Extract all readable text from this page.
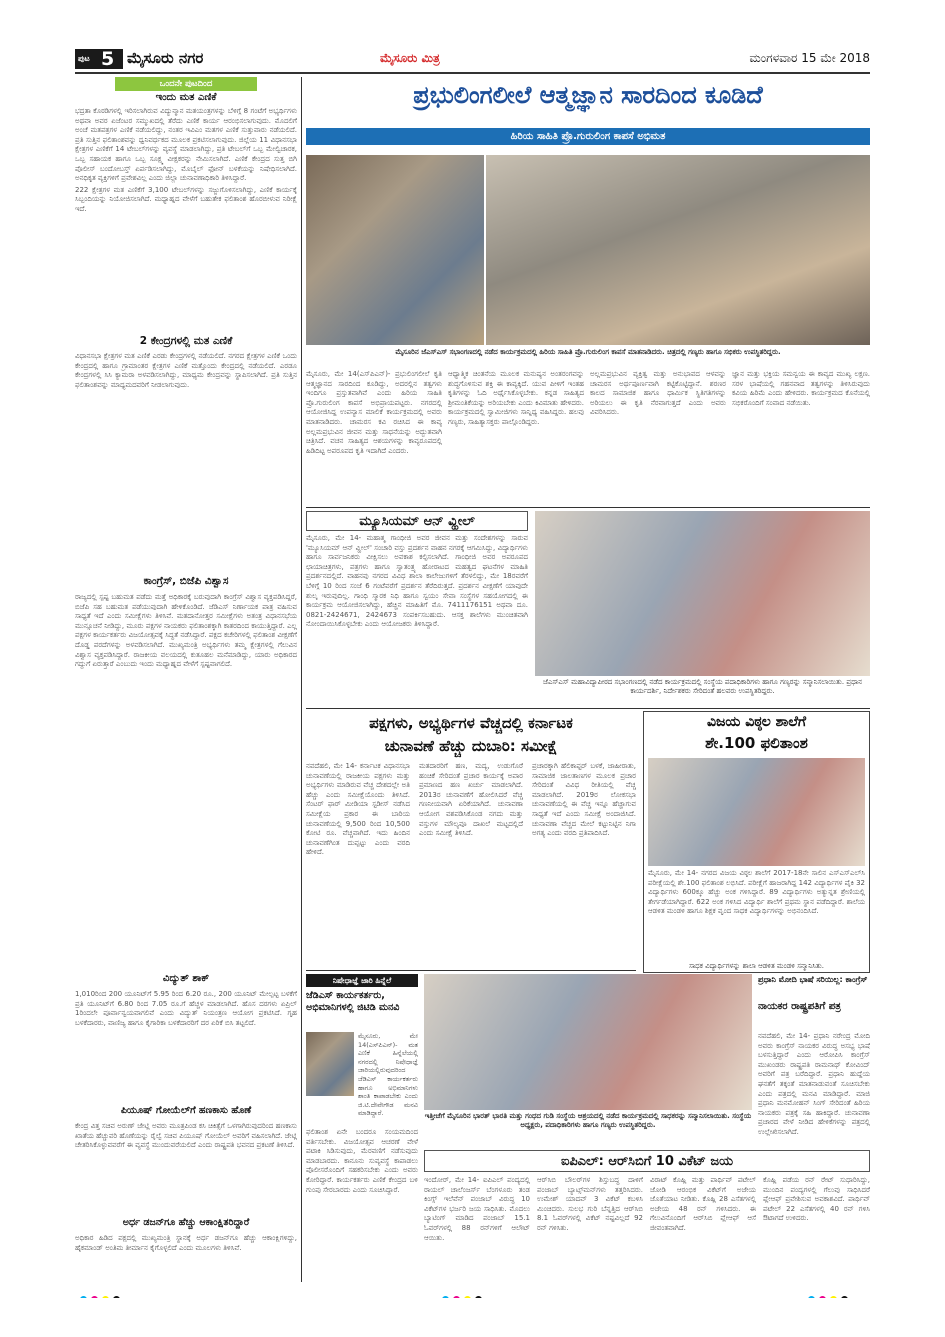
ಪುಟ 5 ಮೈಸೂರು ನಗರ	ಮೈಸೂರು ಮಿತ್ರ	ಮಂಗಳವಾರ 15 ಮೇ 2018
ಒಂದನೇ ಪುಟದಿಂದ
ಇಂದು ಮತ ಎಣಿಕೆ

ಭದ್ರತಾ ಕೊಠಡಿಗಳಲ್ಲಿ ಇರಿಸಲಾಗಿರುವ ವಿದ್ಯುನ್ಮಾನ ಮತಯಂತ್ರಗಳನ್ನು ಬೆಳಿಗ್ಗೆ 8 ಗಂಟೆಗೆ ಅಭ್ಯರ್ಥಿಗಳು ಅಥವಾ ಅವರ ಏಜೆಂಟರ ಸಮ್ಮುಖದಲ್ಲಿ ತೆರೆದು ಎಣಿಕೆ ಕಾರ್ಯ ಆರಂಭಿಸಲಾಗುವುದು. ಮೊದಲಿಗೆ ಅಂಚೆ ಮತಪತ್ರಗಳ ಎಣಿಕೆ ನಡೆಯಲಿದ್ದು, ನಂತರ ಇವಿಎಂ ಮತಗಳ ಎಣಿಕೆ ಸುತ್ತುವಾರು ನಡೆಯಲಿದೆ. ಪ್ರತಿ ಸುತ್ತಿನ ಫಲಿತಾಂಶವನ್ನು ಧ್ವನಿವರ್ಧಕದ ಮೂಲಕ ಪ್ರಕಟಿಸಲಾಗುವುದು. ಜಿಲ್ಲೆಯ 11 ವಿಧಾನಸಭಾ ಕ್ಷೇತ್ರಗಳ ಎಣಿಕೆಗೆ 14 ಟೇಬಲ್‌ಗಳನ್ನು ವ್ಯವಸ್ಥೆ ಮಾಡಲಾಗಿದ್ದು, ಪ್ರತಿ ಟೇಬಲ್‌ಗೆ ಒಬ್ಬ ಮೇಲ್ವಿಚಾರಕ, ಒಬ್ಬ ಸಹಾಯಕ ಹಾಗೂ ಒಬ್ಬ ಸೂಕ್ಷ್ಮ ವೀಕ್ಷಕರನ್ನು ನೇಮಿಸಲಾಗಿದೆ. ಎಣಿಕೆ ಕೇಂದ್ರದ ಸುತ್ತ ಬಿಗಿ ಪೊಲೀಸ್ ಬಂದೋಬಸ್ತ್ ಏರ್ಪಡಿಸಲಾಗಿದ್ದು, ಮೊಬೈಲ್ ಫೋನ್ ಬಳಕೆಯನ್ನು ನಿಷೇಧಿಸಲಾಗಿದೆ. ಅನಧಿಕೃತ ವ್ಯಕ್ತಿಗಳಿಗೆ ಪ್ರವೇಶವಿಲ್ಲ ಎಂದು ಜಿಲ್ಲಾ ಚುನಾವಣಾಧಿಕಾರಿ ತಿಳಿಸಿದ್ದಾರೆ.

222 ಕ್ಷೇತ್ರಗಳ ಮತ ಎಣಿಕೆಗೆ 3,100 ಟೇಬಲ್‌ಗಳನ್ನು ಸಜ್ಜುಗೊಳಿಸಲಾಗಿದ್ದು, ಎಣಿಕೆ ಕಾರ್ಯಕ್ಕೆ ಸಿಬ್ಬಂದಿಯನ್ನು ನಿಯೋಜಿಸಲಾಗಿದೆ. ಮಧ್ಯಾಹ್ನದ ವೇಳೆಗೆ ಬಹುತೇಕ ಫಲಿತಾಂಶ ಹೊರಬೀಳುವ ನಿರೀಕ್ಷೆ ಇದೆ.

2 ಕೇಂದ್ರಗಳಲ್ಲಿ ಮತ ಎಣಿಕೆ
ವಿಧಾನಸಭಾ ಕ್ಷೇತ್ರಗಳ ಮತ ಎಣಿಕೆ ಎರಡು ಕೇಂದ್ರಗಳಲ್ಲಿ ನಡೆಯಲಿದೆ. ನಗರದ ಕ್ಷೇತ್ರಗಳ ಎಣಿಕೆ ಒಂದು ಕೇಂದ್ರದಲ್ಲಿ ಹಾಗೂ ಗ್ರಾಮಾಂತರ ಕ್ಷೇತ್ರಗಳ ಎಣಿಕೆ ಮತ್ತೊಂದು ಕೇಂದ್ರದಲ್ಲಿ ನಡೆಯಲಿದೆ. ಎರಡೂ ಕೇಂದ್ರಗಳಲ್ಲಿ ಸಿಸಿ ಕ್ಯಾಮರಾ ಅಳವಡಿಸಲಾಗಿದ್ದು, ಮಾಧ್ಯಮ ಕೇಂದ್ರವನ್ನು ಸ್ಥಾಪಿಸಲಾಗಿದೆ. ಪ್ರತಿ ಸುತ್ತಿನ ಫಲಿತಾಂಶವನ್ನು ಮಾಧ್ಯಮದವರಿಗೆ ನೀಡಲಾಗುವುದು.
ಕಾಂಗ್ರೆಸ್, ಬಿಜೆಪಿ ವಿಶ್ವಾಸ
ರಾಜ್ಯದಲ್ಲಿ ಸ್ಪಷ್ಟ ಬಹುಮತ ಪಡೆದು ಮತ್ತೆ ಅಧಿಕಾರಕ್ಕೆ ಬರುವುದಾಗಿ ಕಾಂಗ್ರೆಸ್ ವಿಶ್ವಾಸ ವ್ಯಕ್ತಪಡಿಸಿದ್ದರೆ, ಬಿಜೆಪಿ ಸಹ ಬಹುಮತ ಪಡೆಯುವುದಾಗಿ ಹೇಳಿಕೊಂಡಿದೆ. ಜೆಡಿಎಸ್ ನಿರ್ಣಾಯಕ ಪಾತ್ರ ವಹಿಸುವ ಸಾಧ್ಯತೆ ಇದೆ ಎಂದು ಸಮೀಕ್ಷೆಗಳು ತಿಳಿಸಿವೆ. ಮತದಾನೋತ್ತರ ಸಮೀಕ್ಷೆಗಳು ಅತಂತ್ರ ವಿಧಾನಸಭೆಯ ಮುನ್ಸೂಚನೆ ನೀಡಿದ್ದು, ಮೂರು ಪಕ್ಷಗಳ ನಾಯಕರು ಫಲಿತಾಂಶಕ್ಕಾಗಿ ಕಾತರದಿಂದ ಕಾಯುತ್ತಿದ್ದಾರೆ. ಎಲ್ಲ ಪಕ್ಷಗಳ ಕಾರ್ಯಕರ್ತರು ವಿಜಯೋತ್ಸವಕ್ಕೆ ಸಿದ್ಧತೆ ನಡೆಸಿದ್ದಾರೆ. ಪಕ್ಷದ ಕಚೇರಿಗಳಲ್ಲಿ ಫಲಿತಾಂಶ ವೀಕ್ಷಣೆಗೆ ದೊಡ್ಡ ಪರದೆಗಳನ್ನು ಅಳವಡಿಸಲಾಗಿದೆ. ಮುಖ್ಯಮಂತ್ರಿ ಅಭ್ಯರ್ಥಿಗಳು ತಮ್ಮ ಕ್ಷೇತ್ರಗಳಲ್ಲಿ ಗೆಲುವಿನ ವಿಶ್ವಾಸ ವ್ಯಕ್ತಪಡಿಸಿದ್ದಾರೆ. ರಾಜಕೀಯ ವಲಯದಲ್ಲಿ ಕುತೂಹಲ ಮನೆಮಾಡಿದ್ದು, ಯಾರು ಅಧಿಕಾರದ ಗದ್ದುಗೆ ಏರುತ್ತಾರೆ ಎಂಬುದು ಇಂದು ಮಧ್ಯಾಹ್ನದ ವೇಳೆಗೆ ಸ್ಪಷ್ಟವಾಗಲಿದೆ.
ವಿದ್ಯುತ್ ಶಾಕ್
1,010ರಿಂದ 200 ಯೂನಿಟ್‌ಗೆ 5.95 ರಿಂದ 6.20 ರೂ., 200 ಯೂನಿಟ್ ಮೇಲ್ಪಟ್ಟ ಬಳಕೆಗೆ ಪ್ರತಿ ಯೂನಿಟ್‌ಗೆ 6.80 ರಿಂದ 7.05 ರೂ.ಗೆ ಹೆಚ್ಚಳ ಮಾಡಲಾಗಿದೆ. ಹೊಸ ದರಗಳು ಏಪ್ರಿಲ್ 1ರಿಂದಲೇ ಪೂರ್ವಾನ್ವಯವಾಗಲಿವೆ ಎಂದು ವಿದ್ಯುತ್ ನಿಯಂತ್ರಣ ಆಯೋಗ ಪ್ರಕಟಿಸಿದೆ. ಗೃಹ ಬಳಕೆದಾರರು, ವಾಣಿಜ್ಯ ಹಾಗೂ ಕೈಗಾರಿಕಾ ಬಳಕೆದಾರರಿಗೆ ದರ ಏರಿಕೆ ಬಿಸಿ ತಟ್ಟಲಿದೆ.
ಪಿಯೂಷ್ ಗೋಯೆಲ್‌ಗೆ ಹಣಕಾಸು ಹೊಣೆ
ಕೇಂದ್ರ ವಿತ್ತ ಸಚಿವ ಅರುಣ್ ಜೇಟ್ಲಿ ಅವರು ಮೂತ್ರಪಿಂಡ ಕಸಿ ಚಿಕಿತ್ಸೆಗೆ ಒಳಗಾಗಿರುವುದರಿಂದ ಹಣಕಾಸು ಖಾತೆಯ ಹೆಚ್ಚುವರಿ ಹೊಣೆಯನ್ನು ರೈಲ್ವೆ ಸಚಿವ ಪಿಯೂಷ್ ಗೋಯೆಲ್ ಅವರಿಗೆ ವಹಿಸಲಾಗಿದೆ. ಜೇಟ್ಲಿ ಚೇತರಿಸಿಕೊಳ್ಳುವವರೆಗೆ ಈ ವ್ಯವಸ್ಥೆ ಮುಂದುವರೆಯಲಿದೆ ಎಂದು ರಾಷ್ಟ್ರಪತಿ ಭವನದ ಪ್ರಕಟಣೆ ತಿಳಿಸಿದೆ.
ಅರ್ಧ ಡಜನ್‌ಗೂ ಹೆಚ್ಚು ಆಕಾಂಕ್ಷಿತರಿದ್ದಾರೆ
ಅಧಿಕಾರ ಹಿಡಿದ ಪಕ್ಷದಲ್ಲಿ ಮುಖ್ಯಮಂತ್ರಿ ಸ್ಥಾನಕ್ಕೆ ಅರ್ಧ ಡಜನ್‌ಗೂ ಹೆಚ್ಚು ಆಕಾಂಕ್ಷಿಗಳಿದ್ದು, ಹೈಕಮಾಂಡ್ ಅಂತಿಮ ತೀರ್ಮಾನ ಕೈಗೊಳ್ಳಲಿದೆ ಎಂದು ಮೂಲಗಳು ತಿಳಿಸಿವೆ.
ಪ್ರಭುಲಿಂಗಲೀಲೆ ಆತ್ಮಜ್ಞಾನ ಸಾರದಿಂದ ಕೂಡಿದೆ
ಹಿರಿಯ ಸಾಹಿತಿ ಪ್ರೊ.ಗುರುಲಿಂಗ ಕಾಪಸೆ ಅಭಿಮತ
ಮೈಸೂರಿನ ಜೆಎಸ್‌ಎಸ್ ಸಭಾಂಗಣದಲ್ಲಿ ನಡೆದ ಕಾರ್ಯಕ್ರಮದಲ್ಲಿ ಹಿರಿಯ ಸಾಹಿತಿ ಪ್ರೊ.ಗುರುಲಿಂಗ ಕಾಪಸೆ ಮಾತನಾಡಿದರು. ಚಿತ್ರದಲ್ಲಿ ಗಣ್ಯರು ಹಾಗೂ ಸಭಿಕರು ಉಪಸ್ಥಿತರಿದ್ದರು.
ಮೈಸೂರು, ಮೇ 14(ಎಸ್‌ಪಿಎನ್)- ಪ್ರಭುಲಿಂಗಲೀಲೆ ಕೃತಿ ಆತ್ಮಜ್ಞಾನದ ಸಾರದಿಂದ ಕೂಡಿದ್ದು, ಅದರಲ್ಲಿನ ತತ್ವಗಳು ಇಂದಿಗೂ ಪ್ರಸ್ತುತವಾಗಿವೆ ಎಂದು ಹಿರಿಯ ಸಾಹಿತಿ ಪ್ರೊ.ಗುರುಲಿಂಗ ಕಾಪಸೆ ಅಭಿಪ್ರಾಯಪಟ್ಟರು. ನಗರದಲ್ಲಿ ಆಯೋಜಿಸಿದ್ದ ಉಪನ್ಯಾಸ ಮಾಲಿಕೆ ಕಾರ್ಯಕ್ರಮದಲ್ಲಿ ಅವರು ಮಾತನಾಡಿದರು. ಚಾಮರಸ ಕವಿ ರಚಿಸಿದ ಈ ಕಾವ್ಯ ಅಲ್ಲಮಪ್ರಭುವಿನ ಜೀವನ ಮತ್ತು ಸಾಧನೆಯನ್ನು ಅದ್ಭುತವಾಗಿ ಚಿತ್ರಿಸಿದೆ. ವಚನ ಸಾಹಿತ್ಯದ ಆಶಯಗಳನ್ನು ಕಾವ್ಯರೂಪದಲ್ಲಿ ಹಿಡಿದಿಟ್ಟ ಅಪರೂಪದ ಕೃತಿ ಇದಾಗಿದೆ ಎಂದರು.
ಆಧ್ಯಾತ್ಮಿಕ ಚಿಂತನೆಯ ಮೂಲಕ ಮನುಷ್ಯನ ಅಂತರಂಗವನ್ನು ಶುದ್ಧಗೊಳಿಸುವ ಶಕ್ತಿ ಈ ಕಾವ್ಯಕ್ಕಿದೆ. ಯುವ ಪೀಳಿಗೆ ಇಂತಹ ಕೃತಿಗಳನ್ನು ಓದಿ ಅರ್ಥೈಸಿಕೊಳ್ಳಬೇಕು. ಕನ್ನಡ ಸಾಹಿತ್ಯದ ಶ್ರೀಮಂತಿಕೆಯನ್ನು ಅರಿಯಬೇಕು ಎಂದು ಕಿವಿಮಾತು ಹೇಳಿದರು. ಕಾರ್ಯಕ್ರಮದಲ್ಲಿ ಸ್ವಾಮೀಜಿಗಳು ಸಾನ್ನಿಧ್ಯ ವಹಿಸಿದ್ದರು. ಹಲವು ಗಣ್ಯರು, ಸಾಹಿತ್ಯಾಸಕ್ತರು ಪಾಲ್ಗೊಂಡಿದ್ದರು.
ಅಲ್ಲಮಪ್ರಭುವಿನ ವ್ಯಕ್ತಿತ್ವ ಮತ್ತು ಅನುಭಾವದ ಆಳವನ್ನು ಚಾಮರಸ ಅರ್ಥಪೂರ್ಣವಾಗಿ ಕಟ್ಟಿಕೊಟ್ಟಿದ್ದಾನೆ. ಶರಣರ ಕಾಲದ ಸಾಮಾಜಿಕ ಹಾಗೂ ಧಾರ್ಮಿಕ ಸ್ಥಿತಿಗತಿಗಳನ್ನು ಅರಿಯಲು ಈ ಕೃತಿ ನೆರವಾಗುತ್ತದೆ ಎಂದು ಅವರು ವಿವರಿಸಿದರು.
ಜ್ಞಾನ ಮತ್ತು ಭಕ್ತಿಯ ಸಮನ್ವಯ ಈ ಕಾವ್ಯದ ಮುಖ್ಯ ಲಕ್ಷಣ. ಸರಳ ಭಾಷೆಯಲ್ಲಿ ಗಹನವಾದ ತತ್ವಗಳನ್ನು ತಿಳಿಸಿರುವುದು ಕವಿಯ ಹಿರಿಮೆ ಎಂದು ಹೇಳಿದರು. ಕಾರ್ಯಕ್ರಮದ ಕೊನೆಯಲ್ಲಿ ಸಭಿಕರೊಂದಿಗೆ ಸಂವಾದ ನಡೆಯಿತು.
ಮ್ಯೂಸಿಯಮ್ ಆನ್ ವ್ಹೀಲ್
ಮೈಸೂರು, ಮೇ 14- ಮಹಾತ್ಮ ಗಾಂಧೀಜಿ ಅವರ ಜೀವನ ಮತ್ತು ಸಂದೇಶಗಳನ್ನು ಸಾರುವ 'ಮ್ಯೂಸಿಯಮ್ ಆನ್ ವ್ಹೀಲ್' ಸಂಚಾರಿ ವಸ್ತು ಪ್ರದರ್ಶನ ವಾಹನ ನಗರಕ್ಕೆ ಆಗಮಿಸಿದ್ದು, ವಿದ್ಯಾರ್ಥಿಗಳು ಹಾಗೂ ಸಾರ್ವಜನಿಕರು ವೀಕ್ಷಿಸಲು ಅವಕಾಶ ಕಲ್ಪಿಸಲಾಗಿದೆ. ಗಾಂಧೀಜಿ ಅವರ ಅಪರೂಪದ ಛಾಯಾಚಿತ್ರಗಳು, ಪತ್ರಗಳು ಹಾಗೂ ಸ್ವಾತಂತ್ರ್ಯ ಹೋರಾಟದ ಮಹತ್ವದ ಘಟನೆಗಳ ಮಾಹಿತಿ ಪ್ರದರ್ಶನದಲ್ಲಿದೆ. ವಾಹನವು ನಗರದ ವಿವಿಧ ಶಾಲಾ ಕಾಲೇಜುಗಳಿಗೆ ತೆರಳಲಿದ್ದು, ಮೇ 18ರವರೆಗೆ ಬೆಳಿಗ್ಗೆ 10 ರಿಂದ ಸಂಜೆ 6 ಗಂಟೆವರೆಗೆ ಪ್ರದರ್ಶನ ತೆರೆದಿರುತ್ತದೆ. ಪ್ರದರ್ಶನ ವೀಕ್ಷಣೆಗೆ ಯಾವುದೇ ಶುಲ್ಕ ಇರುವುದಿಲ್ಲ. ಗಾಂಧಿ ಸ್ಮಾರಕ ನಿಧಿ ಹಾಗೂ ಸ್ವಯಂ ಸೇವಾ ಸಂಸ್ಥೆಗಳ ಸಹಯೋಗದಲ್ಲಿ ಈ ಕಾರ್ಯಕ್ರಮ ಆಯೋಜಿಸಲಾಗಿದ್ದು, ಹೆಚ್ಚಿನ ಮಾಹಿತಿಗೆ ಮೊ. 7411176151 ಅಥವಾ ದೂ. 0821-2424671, 2424673 ಸಂಪರ್ಕಿಸಬಹುದು. ಆಸಕ್ತ ಶಾಲೆಗಳು ಮುಂಚಿತವಾಗಿ ನೋಂದಾಯಿಸಿಕೊಳ್ಳಬೇಕು ಎಂದು ಆಯೋಜಕರು ತಿಳಿಸಿದ್ದಾರೆ.
ಜೆಎಸ್‌ಎಸ್ ಮಹಾವಿದ್ಯಾಪೀಠದ ಸಭಾಂಗಣದಲ್ಲಿ ನಡೆದ ಕಾರ್ಯಕ್ರಮದಲ್ಲಿ ಸಂಸ್ಥೆಯ ಪದಾಧಿಕಾರಿಗಳು ಹಾಗೂ ಗಣ್ಯರನ್ನು ಸನ್ಮಾನಿಸಲಾಯಿತು. ಪ್ರಧಾನ ಕಾರ್ಯದರ್ಶಿ, ನಿರ್ದೇಶಕರು ಸೇರಿದಂತೆ ಹಲವರು ಉಪಸ್ಥಿತರಿದ್ದರು.
ಪಕ್ಷಗಳು, ಅಭ್ಯರ್ಥಿಗಳ ವೆಚ್ಚದಲ್ಲಿ ಕರ್ನಾಟಕ
ಚುನಾವಣೆ ಹೆಚ್ಚು ದುಬಾರಿ: ಸಮೀಕ್ಷೆ
ನವದೆಹಲಿ, ಮೇ 14- ಕರ್ನಾಟಕ ವಿಧಾನಸಭಾ ಚುನಾವಣೆಯಲ್ಲಿ ರಾಜಕೀಯ ಪಕ್ಷಗಳು ಮತ್ತು ಅಭ್ಯರ್ಥಿಗಳು ಮಾಡಿರುವ ವೆಚ್ಚ ದೇಶದಲ್ಲೇ ಅತಿ ಹೆಚ್ಚು ಎಂದು ಸಮೀಕ್ಷೆಯೊಂದು ತಿಳಿಸಿದೆ. ಸೆಂಟರ್ ಫಾರ್ ಮೀಡಿಯಾ ಸ್ಟಡೀಸ್ ನಡೆಸಿದ ಸಮೀಕ್ಷೆಯ ಪ್ರಕಾರ ಈ ಬಾರಿಯ ಚುನಾವಣೆಯಲ್ಲಿ 9,500 ರಿಂದ 10,500 ಕೋಟಿ ರೂ. ವೆಚ್ಚವಾಗಿದೆ. ಇದು ಹಿಂದಿನ ಚುನಾವಣೆಗಿಂತ ದುಪ್ಪಟ್ಟು ಎಂದು ವರದಿ ಹೇಳಿದೆ.
ಮತದಾರರಿಗೆ ಹಣ, ಮದ್ಯ, ಉಡುಗೊರೆ ಹಂಚಿಕೆ ಸೇರಿದಂತೆ ಪ್ರಚಾರ ಕಾರ್ಯಕ್ಕೆ ಅಪಾರ ಪ್ರಮಾಣದ ಹಣ ಖರ್ಚು ಮಾಡಲಾಗಿದೆ. 2013ರ ಚುನಾವಣೆಗೆ ಹೋಲಿಸಿದರೆ ವೆಚ್ಚ ಗಣನೀಯವಾಗಿ ಏರಿಕೆಯಾಗಿದೆ. ಚುನಾವಣಾ ಆಯೋಗ ವಶಪಡಿಸಿಕೊಂಡ ನಗದು ಮತ್ತು ವಸ್ತುಗಳ ಮೌಲ್ಯವೂ ದಾಖಲೆ ಮಟ್ಟದಲ್ಲಿದೆ ಎಂದು ಸಮೀಕ್ಷೆ ತಿಳಿಸಿದೆ.
ಪ್ರಚಾರಕ್ಕಾಗಿ ಹೆಲಿಕಾಪ್ಟರ್ ಬಳಕೆ, ಜಾಹೀರಾತು, ಸಾಮಾಜಿಕ ಜಾಲತಾಣಗಳ ಮೂಲಕ ಪ್ರಚಾರ ಸೇರಿದಂತೆ ವಿವಿಧ ರೀತಿಯಲ್ಲಿ ವೆಚ್ಚ ಮಾಡಲಾಗಿದೆ. 2019ರ ಲೋಕಸಭಾ ಚುನಾವಣೆಯಲ್ಲಿ ಈ ವೆಚ್ಚ ಇನ್ನೂ ಹೆಚ್ಚಾಗುವ ಸಾಧ್ಯತೆ ಇದೆ ಎಂದು ಸಮೀಕ್ಷೆ ಅಂದಾಜಿಸಿದೆ. ಚುನಾವಣಾ ವೆಚ್ಚದ ಮೇಲೆ ಕಟ್ಟುನಿಟ್ಟಿನ ನಿಗಾ ಅಗತ್ಯ ಎಂದು ವರದಿ ಪ್ರತಿಪಾದಿಸಿದೆ.
ವಿಜಯ ವಿಠ್ಠಲ ಶಾಲೆಗೆ
ಶೇ.100 ಫಲಿತಾಂಶ
ಮೈಸೂರು, ಮೇ 14- ನಗರದ ವಿಜಯ ವಿಠ್ಠಲ ಶಾಲೆಗೆ 2017-18ನೇ ಸಾಲಿನ ಎಸ್‌ಎಸ್‌ಎಲ್‌ಸಿ ಪರೀಕ್ಷೆಯಲ್ಲಿ ಶೇ.100 ಫಲಿತಾಂಶ ಲಭಿಸಿದೆ. ಪರೀಕ್ಷೆಗೆ ಹಾಜರಾಗಿದ್ದ 142 ವಿದ್ಯಾರ್ಥಿಗಳ ಪೈಕಿ 32 ವಿದ್ಯಾರ್ಥಿಗಳು 600ಕ್ಕೂ ಹೆಚ್ಚು ಅಂಕ ಗಳಿಸಿದ್ದಾರೆ. 89 ವಿದ್ಯಾರ್ಥಿಗಳು ಅತ್ಯುನ್ನತ ಶ್ರೇಣಿಯಲ್ಲಿ ತೇರ್ಗಡೆಯಾಗಿದ್ದಾರೆ. 622 ಅಂಕ ಗಳಿಸಿದ ವಿದ್ಯಾರ್ಥಿ ಶಾಲೆಗೆ ಪ್ರಥಮ ಸ್ಥಾನ ಪಡೆದಿದ್ದಾರೆ. ಶಾಲೆಯ ಆಡಳಿತ ಮಂಡಳಿ ಹಾಗೂ ಶಿಕ್ಷಕ ವೃಂದ ಸಾಧಕ ವಿದ್ಯಾರ್ಥಿಗಳನ್ನು ಅಭಿನಂದಿಸಿದೆ.
ಸಾಧಕ ವಿದ್ಯಾರ್ಥಿಗಳನ್ನು ಶಾಲಾ ಆಡಳಿತ ಮಂಡಳಿ ಸನ್ಮಾನಿಸಿತು.
ನಿಷೇಧಾಜ್ಞೆ ಜಾರಿ ಹಿನ್ನೆಲೆ
ಜೆಡಿಎಸ್ ಕಾರ್ಯಕರ್ತರು, ಅಭಿಮಾನಿಗಳಲ್ಲಿ ಜಿಟಿಡಿ ಮನವಿ
ಮೈಸೂರು, ಮೇ 14(ಎಸ್‌ಪಿಎನ್)- ಮತ ಎಣಿಕೆ ಹಿನ್ನೆಲೆಯಲ್ಲಿ ನಗರದಲ್ಲಿ ನಿಷೇಧಾಜ್ಞೆ ಜಾರಿಯಲ್ಲಿರುವುದರಿಂದ ಜೆಡಿಎಸ್ ಕಾರ್ಯಕರ್ತರು ಹಾಗೂ ಅಭಿಮಾನಿಗಳು ಶಾಂತಿ ಕಾಪಾಡಬೇಕು ಎಂದು ಜಿ.ಟಿ.ದೇವೇಗೌಡ ಮನವಿ ಮಾಡಿದ್ದಾರೆ.
ಫಲಿತಾಂಶ ಏನೇ ಬಂದರೂ ಸಂಯಮದಿಂದ ವರ್ತಿಸಬೇಕು. ವಿಜಯೋತ್ಸವ ಆಚರಣೆ ವೇಳೆ ಪಟಾಕಿ ಸಿಡಿಸುವುದು, ಮೆರವಣಿಗೆ ನಡೆಸುವುದು ಮಾಡಬಾರದು. ಕಾನೂನು ಸುವ್ಯವಸ್ಥೆ ಕಾಪಾಡಲು ಪೊಲೀಸರೊಂದಿಗೆ ಸಹಕರಿಸಬೇಕು ಎಂದು ಅವರು ಕೋರಿದ್ದಾರೆ. ಕಾರ್ಯಕರ್ತರು ಎಣಿಕೆ ಕೇಂದ್ರದ ಬಳಿ ಗುಂಪು ಸೇರಬಾರದು ಎಂದು ಸೂಚಿಸಿದ್ದಾರೆ.
ಇತ್ತೀಚೆಗೆ ಮೈಸೂರಿನ ಭಾರತ್ ಭಾರತಿ ಮತ್ತು ಗಂಧದ ಗುಡಿ ಸಂಸ್ಥೆಯ ಆಶ್ರಯದಲ್ಲಿ ನಡೆದ ಕಾರ್ಯಕ್ರಮದಲ್ಲಿ ಸಾಧಕರನ್ನು ಸನ್ಮಾನಿಸಲಾಯಿತು. ಸಂಸ್ಥೆಯ ಅಧ್ಯಕ್ಷರು, ಪದಾಧಿಕಾರಿಗಳು ಹಾಗೂ ಗಣ್ಯರು ಉಪಸ್ಥಿತರಿದ್ದರು.
ಪ್ರಧಾನಿ ಮೋದಿ ಭಾಷೆ ಸರಿಯಿಲ್ಲ: ಕಾಂಗ್ರೆಸ್
ನಾಯಕರ ರಾಷ್ಟ್ರಪತಿಗೆ ಪತ್ರ
ನವದೆಹಲಿ, ಮೇ 14- ಪ್ರಧಾನಿ ನರೇಂದ್ರ ಮೋದಿ ಅವರು ಕಾಂಗ್ರೆಸ್ ನಾಯಕರ ವಿರುದ್ಧ ಅಸಭ್ಯ ಭಾಷೆ ಬಳಸುತ್ತಿದ್ದಾರೆ ಎಂದು ಆರೋಪಿಸಿ ಕಾಂಗ್ರೆಸ್ ಮುಖಂಡರು ರಾಷ್ಟ್ರಪತಿ ರಾಮನಾಥ್ ಕೋವಿಂದ್ ಅವರಿಗೆ ಪತ್ರ ಬರೆದಿದ್ದಾರೆ. ಪ್ರಧಾನಿ ಹುದ್ದೆಯ ಘನತೆಗೆ ತಕ್ಕಂತೆ ಮಾತನಾಡುವಂತೆ ಸೂಚಿಸಬೇಕು ಎಂದು ಪತ್ರದಲ್ಲಿ ಮನವಿ ಮಾಡಿದ್ದಾರೆ. ಮಾಜಿ ಪ್ರಧಾನಿ ಮನಮೋಹನ್ ಸಿಂಗ್ ಸೇರಿದಂತೆ ಹಿರಿಯ ನಾಯಕರು ಪತ್ರಕ್ಕೆ ಸಹಿ ಹಾಕಿದ್ದಾರೆ. ಚುನಾವಣಾ ಪ್ರಚಾರದ ವೇಳೆ ನೀಡಿದ ಹೇಳಿಕೆಗಳನ್ನು ಪತ್ರದಲ್ಲಿ ಉಲ್ಲೇಖಿಸಲಾಗಿದೆ.
ಐಪಿಎಲ್: ಆರ್‌ಸಿಬಿಗೆ 10 ವಿಕೆಟ್ ಜಯ
ಇಂದೋರ್, ಮೇ 14- ಐಪಿಎಲ್ ಪಂದ್ಯದಲ್ಲಿ ರಾಯಲ್ ಚಾಲೆಂಜರ್ಸ್ ಬೆಂಗಳೂರು ತಂಡ ಕಿಂಗ್ಸ್ ಇಲೆವೆನ್ ಪಂಜಾಬ್ ವಿರುದ್ಧ 10 ವಿಕೆಟ್‌ಗಳ ಭರ್ಜರಿ ಜಯ ಸಾಧಿಸಿತು. ಮೊದಲು ಬ್ಯಾಟಿಂಗ್ ಮಾಡಿದ ಪಂಜಾಬ್ 15.1 ಓವರ್‌ಗಳಲ್ಲಿ 88 ರನ್‌ಗಳಿಗೆ ಆಲೌಟ್ ಆಯಿತು.
ಆರ್‌ಸಿಬಿ ಬೌಲರ್‌ಗಳ ಶಿಸ್ತುಬದ್ಧ ದಾಳಿಗೆ ಪಂಜಾಬ್ ಬ್ಯಾಟ್ಸ್‌ಮನ್‌ಗಳು ತತ್ತರಿಸಿದರು. ಉಮೇಶ್ ಯಾದವ್ 3 ವಿಕೆಟ್ ಕಬಳಿಸಿ ಮಿಂಚಿದರು. ಸುಲಭ ಗುರಿ ಬೆನ್ನತ್ತಿದ ಆರ್‌ಸಿಬಿ 8.1 ಓವರ್‌ಗಳಲ್ಲಿ ವಿಕೆಟ್ ನಷ್ಟವಿಲ್ಲದೆ 92 ರನ್ ಗಳಿಸಿತು.
ವಿರಾಟ್ ಕೊಹ್ಲಿ ಮತ್ತು ಪಾರ್ಥಿವ್ ಪಟೇಲ್ ಜೋಡಿ ಆರಂಭಿಕ ವಿಕೆಟ್‌ಗೆ ಅಜೇಯ ಜೊತೆಯಾಟ ನೀಡಿತು. ಕೊಹ್ಲಿ 28 ಎಸೆತಗಳಲ್ಲಿ ಅಜೇಯ 48 ರನ್ ಗಳಿಸಿದರು. ಈ ಗೆಲುವಿನೊಂದಿಗೆ ಆರ್‌ಸಿಬಿ ಪ್ಲೇಆಫ್ ಆಸೆ ಜೀವಂತವಾಗಿದೆ.
ಕೊಹ್ಲಿ ಪಡೆಯ ರನ್ ರೇಟ್ ಸುಧಾರಿಸಿದ್ದು, ಮುಂದಿನ ಪಂದ್ಯಗಳಲ್ಲಿ ಗೆಲುವು ಸಾಧಿಸಿದರೆ ಪ್ಲೇಆಫ್ ಪ್ರವೇಶಿಸುವ ಅವಕಾಶವಿದೆ. ಪಾರ್ಥಿವ್ ಪಟೇಲ್ 22 ಎಸೆತಗಳಲ್ಲಿ 40 ರನ್ ಗಳಿಸಿ ಔಟಾಗದೆ ಉಳಿದರು.
